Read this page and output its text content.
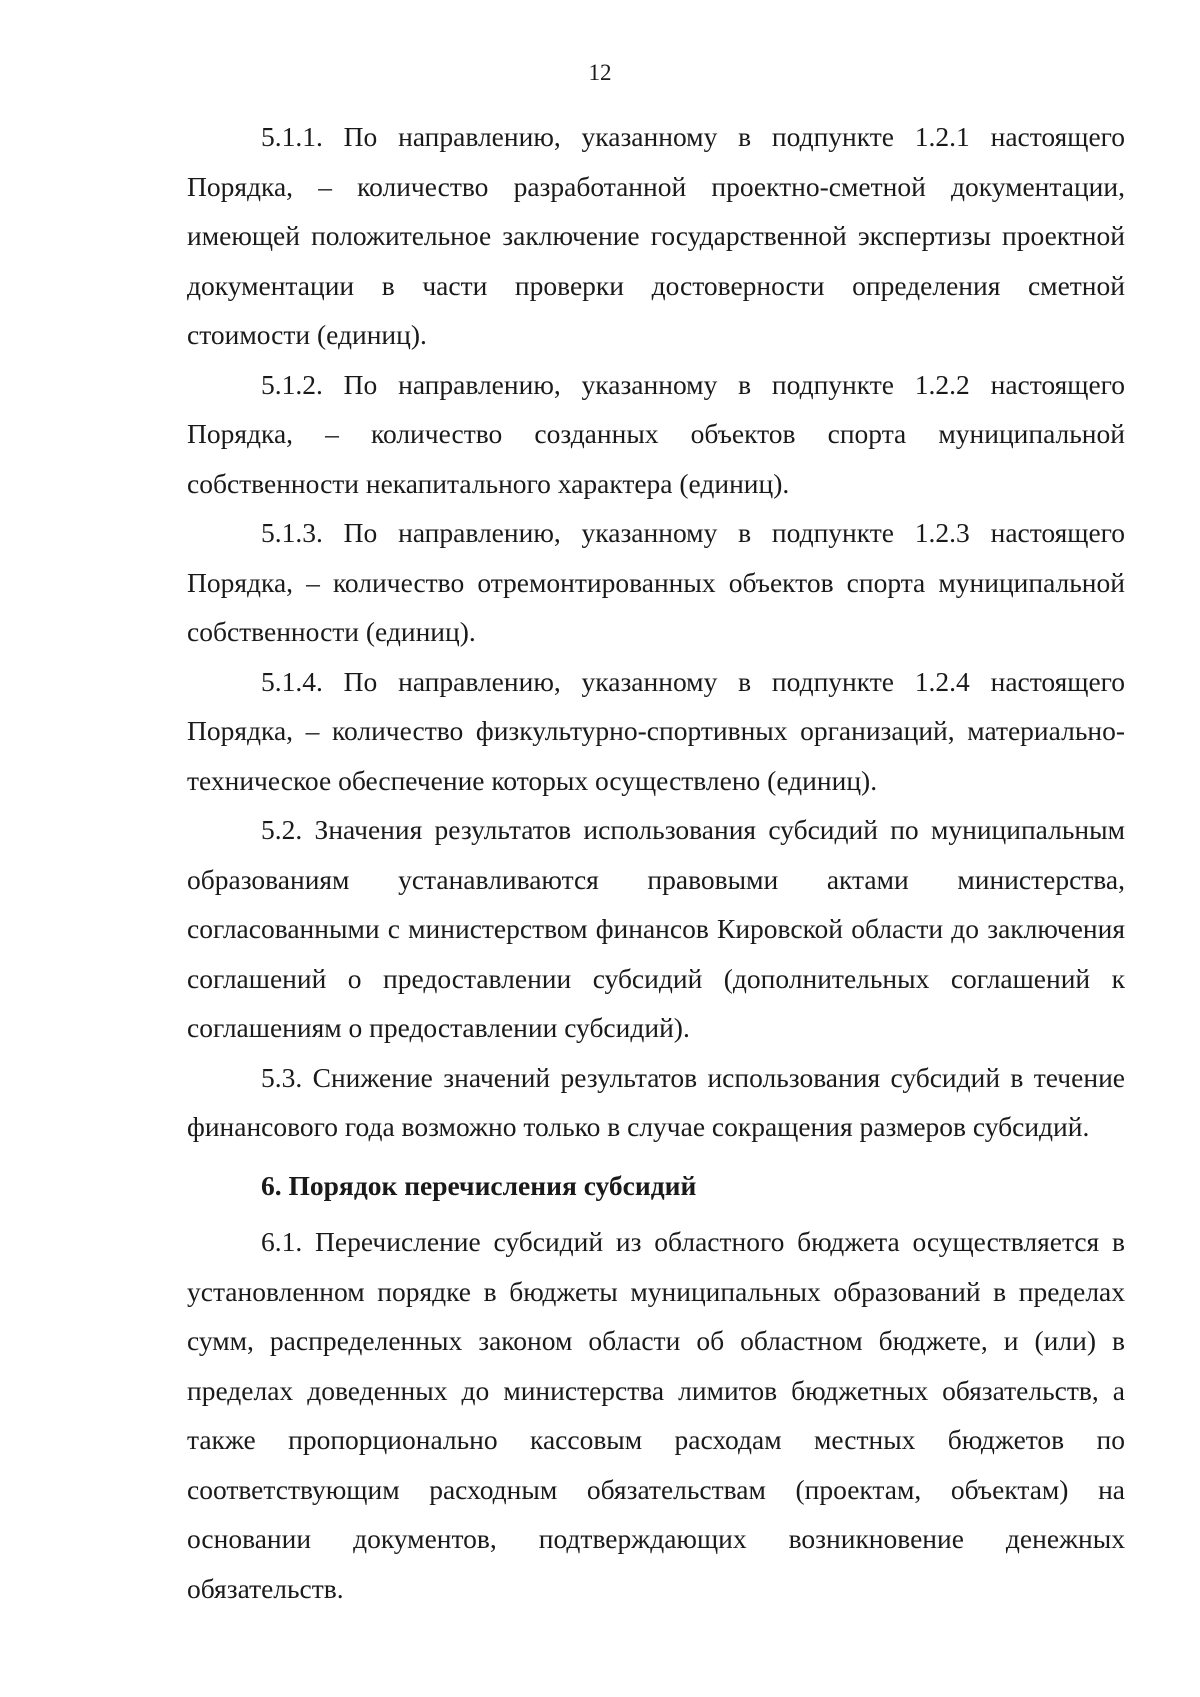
12

5.1.1. По направлению, указанному в подпункте 1.2.1 настоящего Порядка, – количество разработанной проектно-сметной документации, имеющей положительное заключение государственной экспертизы проектной документации в части проверки достоверности определения сметной стоимости (единиц).

5.1.2. По направлению, указанному в подпункте 1.2.2 настоящего Порядка, – количество созданных объектов спорта муниципальной собственности некапитального характера (единиц).

5.1.3. По направлению, указанному в подпункте 1.2.3 настоящего Порядка, – количество отремонтированных объектов спорта муниципальной собственности (единиц).

5.1.4. По направлению, указанному в подпункте 1.2.4 настоящего Порядка, – количество физкультурно-спортивных организаций, материально-техническое обеспечение которых осуществлено (единиц).

5.2. Значения результатов использования субсидий по муниципальным образованиям устанавливаются правовыми актами министерства, согласованными с министерством финансов Кировской области до заключения соглашений о предоставлении субсидий (дополнительных соглашений к соглашениям о предоставлении субсидий).

5.3. Снижение значений результатов использования субсидий в течение финансового года возможно только в случае сокращения размеров субсидий.

6. Порядок перечисления субсидий

6.1. Перечисление субсидий из областного бюджета осуществляется в установленном порядке в бюджеты муниципальных образований в пределах сумм, распределенных законом области об областном бюджете, и (или) в пределах доведенных до министерства лимитов бюджетных обязательств, а также пропорционально кассовым расходам местных бюджетов по соответствующим расходным обязательствам (проектам, объектам) на основании документов, подтверждающих возникновение денежных обязательств.
